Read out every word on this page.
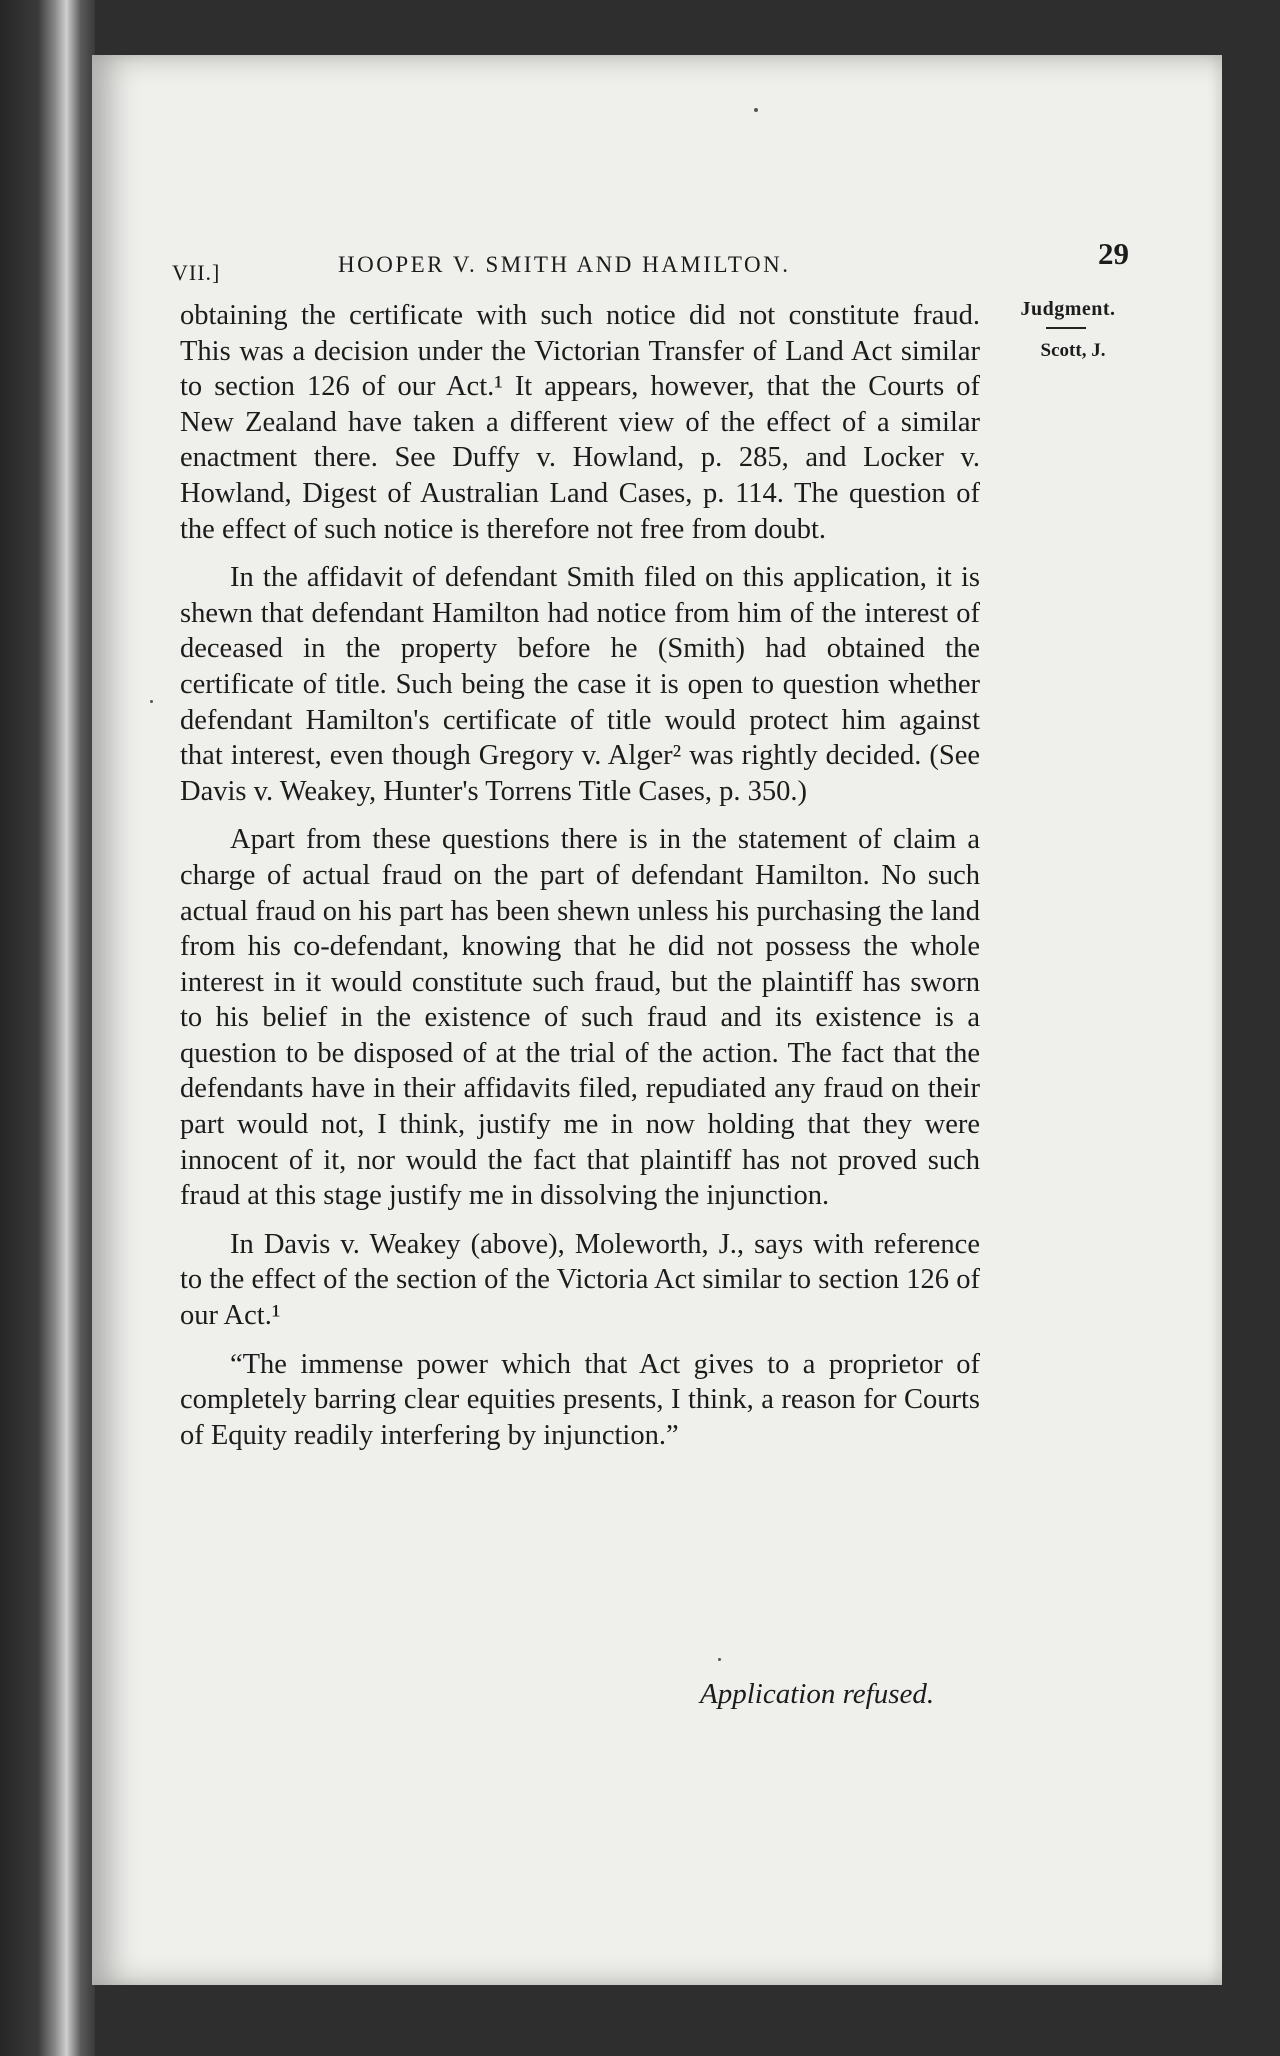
VII.]	HOOPER V. SMITH AND HAMILTON.	29
Judgment.
Scott, J.

obtaining the certificate with such notice did not constitute fraud. This was a decision under the Victorian Transfer of Land Act similar to section 126 of our Act.¹ It appears, however, that the Courts of New Zealand have taken a different view of the effect of a similar enactment there. See Duffy v. Howland, p. 285, and Locker v. Howland, Digest of Australian Land Cases, p. 114. The question of the effect of such notice is therefore not free from doubt.

In the affidavit of defendant Smith filed on this application, it is shewn that defendant Hamilton had notice from him of the interest of deceased in the property before he (Smith) had obtained the certificate of title. Such being the case it is open to question whether defendant Hamilton's certificate of title would protect him against that interest, even though Gregory v. Alger² was rightly decided. (See Davis v. Weakey, Hunter's Torrens Title Cases, p. 350.)

Apart from these questions there is in the statement of claim a charge of actual fraud on the part of defendant Hamilton. No such actual fraud on his part has been shewn unless his purchasing the land from his co-defendant, knowing that he did not possess the whole interest in it would constitute such fraud, but the plaintiff has sworn to his belief in the existence of such fraud and its existence is a question to be disposed of at the trial of the action. The fact that the defendants have in their affidavits filed, repudiated any fraud on their part would not, I think, justify me in now holding that they were innocent of it, nor would the fact that plaintiff has not proved such fraud at this stage justify me in dissolving the injunction.

In Davis v. Weakey (above), Moleworth, J., says with reference to the effect of the section of the Victoria Act similar to section 126 of our Act.¹

“The immense power which that Act gives to a proprietor of completely barring clear equities presents, I think, a reason for Courts of Equity readily interfering by injunction.”

Application refused.
